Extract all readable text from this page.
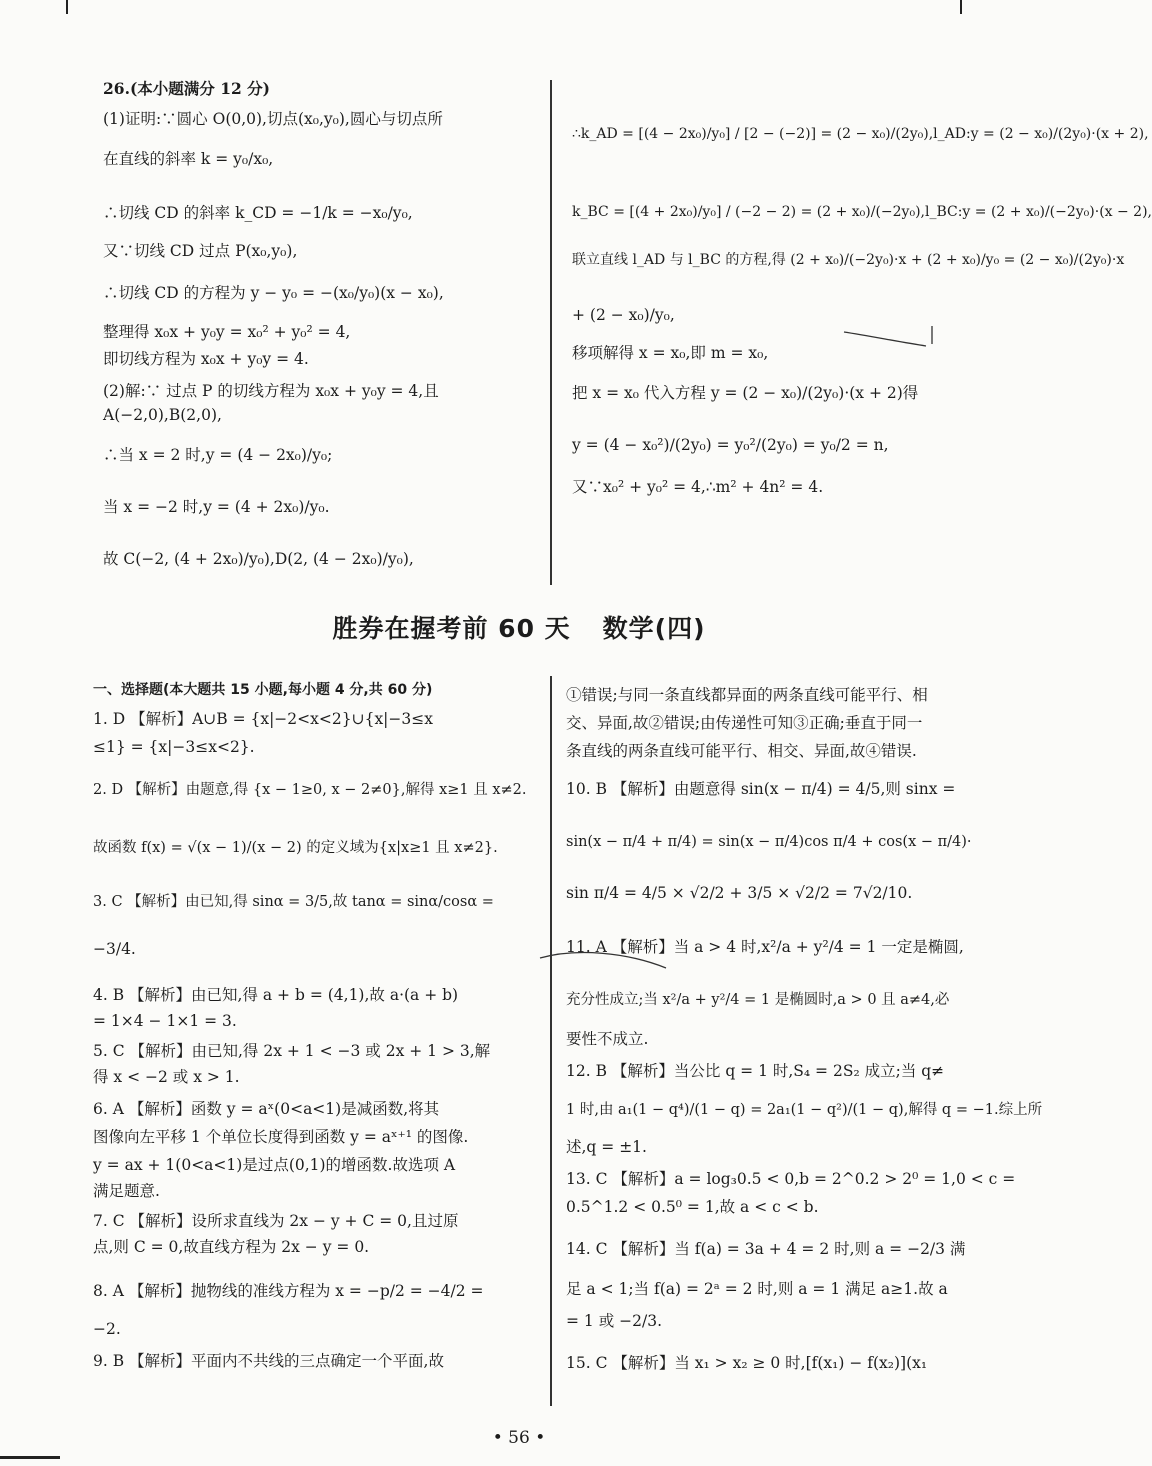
26.(本小题满分 12 分)
(1)证明:∵圆心 O(0,0),切点(x₀,y₀),圆心与切点所
在直线的斜率 k = y₀/x₀,
∴切线 CD 的斜率 k_CD = −1/k = −x₀/y₀,
又∵切线 CD 过点 P(x₀,y₀),
∴切线 CD 的方程为 y − y₀ = −(x₀/y₀)(x − x₀),
整理得 x₀x + y₀y = x₀² + y₀² = 4,
即切线方程为 x₀x + y₀y = 4.
(2)解:∵ 过点 P 的切线方程为 x₀x + y₀y = 4,且
A(−2,0),B(2,0),
∴当 x = 2 时,y = (4 − 2x₀)/y₀;
当 x = −2 时,y = (4 + 2x₀)/y₀.
故 C(−2, (4 + 2x₀)/y₀),D(2, (4 − 2x₀)/y₀),
∴k_AD = [(4 − 2x₀)/y₀] / [2 − (−2)] = (2 − x₀)/(2y₀),l_AD:y = (2 − x₀)/(2y₀)·(x + 2),
k_BC = [(4 + 2x₀)/y₀] / (−2 − 2) = (2 + x₀)/(−2y₀),l_BC:y = (2 + x₀)/(−2y₀)·(x − 2),
联立直线 l_AD 与 l_BC 的方程,得 (2 + x₀)/(−2y₀)·x + (2 + x₀)/y₀ = (2 − x₀)/(2y₀)·x
+ (2 − x₀)/y₀,
移项解得 x = x₀,即 m = x₀,
把 x = x₀ 代入方程 y = (2 − x₀)/(2y₀)·(x + 2)得
y = (4 − x₀²)/(2y₀) = y₀²/(2y₀) = y₀/2 = n,
又∵x₀² + y₀² = 4,∴m² + 4n² = 4.
胜券在握考前 60 天 数学(四)
一、选择题(本大题共 15 小题,每小题 4 分,共 60 分)
1. D 【解析】A∪B = {x|−2<x<2}∪{x|−3≤x
≤1} = {x|−3≤x<2}.
2. D 【解析】由题意,得 {x − 1≥0, x − 2≠0},解得 x≥1 且 x≠2.
故函数 f(x) = √(x − 1)/(x − 2) 的定义域为{x|x≥1 且 x≠2}.
3. C 【解析】由已知,得 sinα = 3/5,故 tanα = sinα/cosα =
−3/4.
4. B 【解析】由已知,得 a + b = (4,1),故 a·(a + b)
= 1×4 − 1×1 = 3.
5. C 【解析】由已知,得 2x + 1 < −3 或 2x + 1 > 3,解
得 x < −2 或 x > 1.
6. A 【解析】函数 y = aˣ(0<a<1)是减函数,将其
图像向左平移 1 个单位长度得到函数 y = aˣ⁺¹ 的图像.
y = ax + 1(0<a<1)是过点(0,1)的增函数.故选项 A
满足题意.
7. C 【解析】设所求直线为 2x − y + C = 0,且过原
点,则 C = 0,故直线方程为 2x − y = 0.
8. A 【解析】抛物线的准线方程为 x = −p/2 = −4/2 =
−2.
9. B 【解析】平面内不共线的三点确定一个平面,故
①错误;与同一条直线都异面的两条直线可能平行、相
交、异面,故②错误;由传递性可知③正确;垂直于同一
条直线的两条直线可能平行、相交、异面,故④错误.
10. B 【解析】由题意得 sin(x − π/4) = 4/5,则 sinx =
sin(x − π/4 + π/4) = sin(x − π/4)cos π/4 + cos(x − π/4)·
sin π/4 = 4/5 × √2/2 + 3/5 × √2/2 = 7√2/10.
11. A 【解析】当 a > 4 时,x²/a + y²/4 = 1 一定是椭圆,
充分性成立;当 x²/a + y²/4 = 1 是椭圆时,a > 0 且 a≠4,必
要性不成立.
12. B 【解析】当公比 q = 1 时,S₄ = 2S₂ 成立;当 q≠
1 时,由 a₁(1 − q⁴)/(1 − q) = 2a₁(1 − q²)/(1 − q),解得 q = −1.综上所
述,q = ±1.
13. C 【解析】a = log₃0.5 < 0,b = 2^0.2 > 2⁰ = 1,0 < c =
0.5^1.2 < 0.5⁰ = 1,故 a < c < b.
14. C 【解析】当 f(a) = 3a + 4 = 2 时,则 a = −2/3 满
足 a < 1;当 f(a) = 2ᵃ = 2 时,则 a = 1 满足 a≥1.故 a
= 1 或 −2/3.
15. C 【解析】当 x₁ > x₂ ≥ 0 时,[f(x₁) − f(x₂)](x₁
• 56 •
